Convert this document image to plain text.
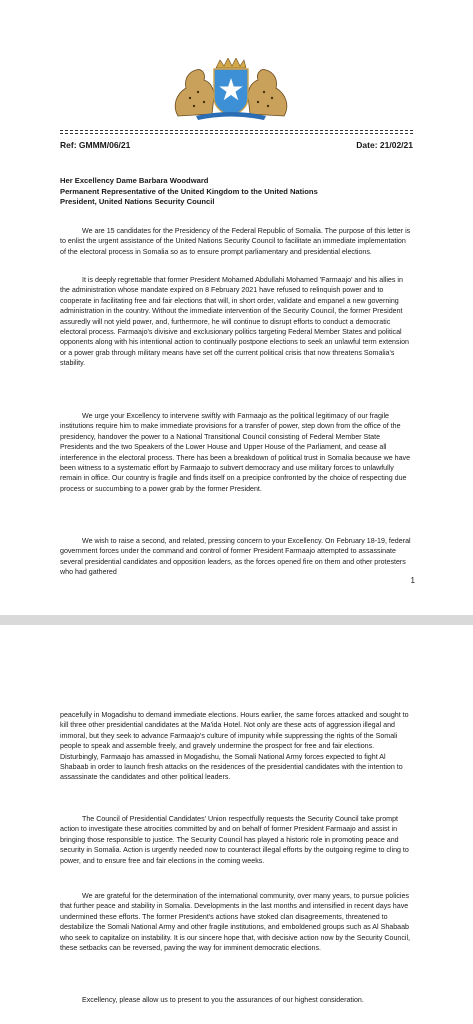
Ref: GMMM/06/21	Date: 21/02/21
Her Excellency Dame Barbara Woodward
Permanent Representative of the United Kingdom to the United Nations
President, United Nations Security Council

We are 15 candidates for the Presidency of the Federal Republic of Somalia. The purpose of this letter is to enlist the urgent assistance of the United Nations Security Council to facilitate an immediate implementation of the electoral process in Somalia so as to ensure prompt parliamentary and presidential elections.

It is deeply regrettable that former President Mohamed Abdullahi Mohamed 'Farmaajo' and his allies in the administration whose mandate expired on 8 February 2021 have refused to relinquish power and to cooperate in facilitating free and fair elections that will, in short order, validate and empanel a new governing administration in the country. Without the immediate intervention of the Security Council, the former President assuredly will not yield power, and, furthermore, he will continue to disrupt efforts to conduct a democratic electoral process. Farmaajo's divisive and exclusionary politics targeting Federal Member States and political opponents along with his intentional action to continually postpone elections to seek an unlawful term extension or a power grab through military means have set off the current political crisis that now threatens Somalia's stability.

We urge your Excellency to intervene swiftly with Farmaajo as the political legitimacy of our fragile institutions require him to make immediate provisions for a transfer of power, step down from the office of the presidency, handover the power to a National Transitional Council consisting of Federal Member State Presidents and the two Speakers of the Lower House and Upper House of the Parliament, and cease all interference in the electoral process. There has been a breakdown of political trust in Somalia because we have been witness to a systematic effort by Farmaajo to subvert democracy and use military forces to unlawfully remain in office. Our country is fragile and finds itself on a precipice confronted by the choice of respecting due process or succumbing to a power grab by the former President.

We wish to raise a second, and related, pressing concern to your Excellency. On February 18-19, federal government forces under the command and control of former President Farmaajo attempted to assassinate several presidential candidates and opposition leaders, as the forces opened fire on them and other protesters who had gathered

1

peacefully in Mogadishu to demand immediate elections. Hours earlier, the same forces attacked and sought to kill three other presidential candidates at the Ma'ida Hotel. Not only are these acts of aggression illegal and immoral, but they seek to advance Farmaajo's culture of impunity while suppressing the rights of the Somali people to speak and assemble freely, and gravely undermine the prospect for free and fair elections. Disturbingly, Farmaajo has amassed in Mogadishu, the Somali National Army forces expected to fight Al Shabaab in order to launch fresh attacks on the residences of the presidential candidates with the intention to assassinate the candidates and other political leaders.

The Council of Presidential Candidates' Union respectfully requests the Security Council take prompt action to investigate these atrocities committed by and on behalf of former President Farmaajo and assist in bringing those responsible to justice. The Security Council has played a historic role in promoting peace and security in Somalia. Action is urgently needed now to counteract illegal efforts by the outgoing regime to cling to power, and to ensure free and fair elections in the coming weeks.

We are grateful for the determination of the international community, over many years, to pursue policies that further peace and stability in Somalia. Developments in the last months and intensified in recent days have undermined these efforts. The former President's actions have stoked clan disagreements, threatened to destabilize the Somali National Army and other fragile institutions, and emboldened groups such as Al Shabaab who seek to capitalize on instability. It is our sincere hope that, with decisive action now by the Security Council, these setbacks can be reversed, paving the way for imminent democratic elections.

Excellency, please allow us to present to you the assurances of our highest consideration.
